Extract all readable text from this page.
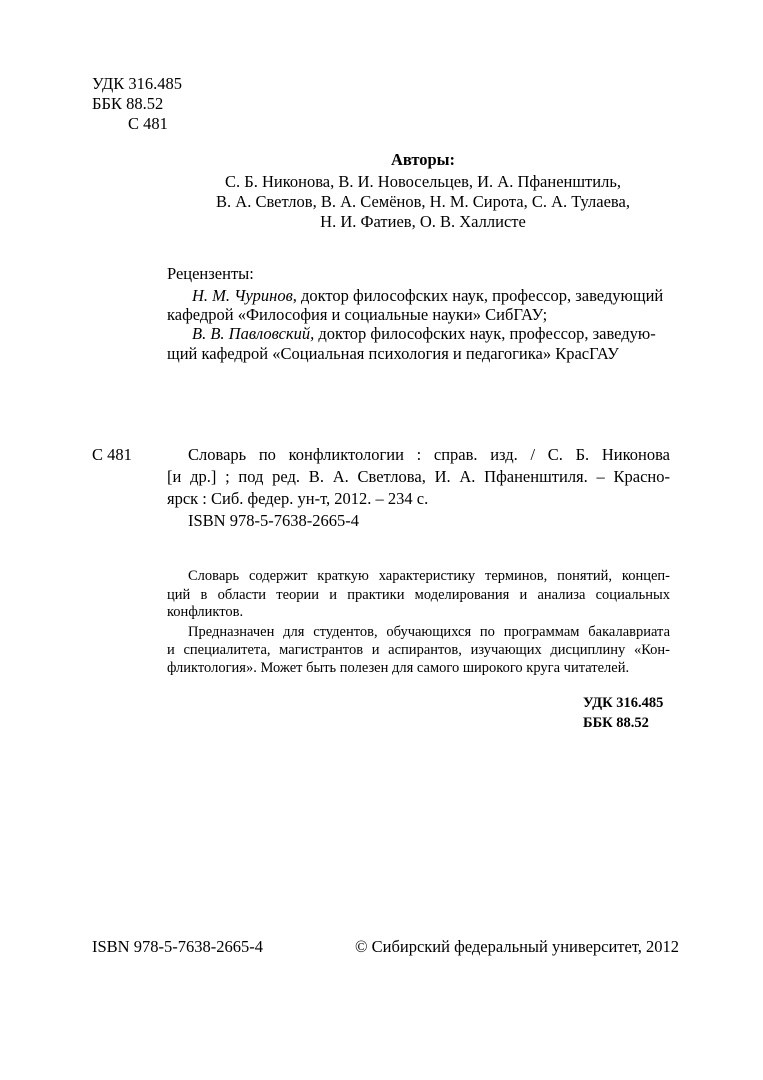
УДК 316.485

ББК 88.52

С 481

Авторы:

С. Б. Никонова, В. И. Новосельцев, И. А. Пфаненштиль,

В. А. Светлов, В. А. Семёнов, Н. М. Сирота, С. А. Тулаева,

Н. И. Фатиев, О. В. Халлисте

Рецензенты:

Н. М. Чуринов, доктор философских наук, профессор, заведующий

кафедрой «Философия и социальные науки» СибГАУ;

В. В. Павловский, доктор философских наук, профессор, заведую-

щий кафедрой «Социальная психология и педагогика» КрасГАУ

С 481	Словарь по конфликтологии : справ. изд. / С. Б. Никонова

[и др.] ; под ред. В. А. Светлова, И. А. Пфаненштиля. – Красно-

ярск : Сиб. федер. ун-т, 2012. – 234 с.

ISBN 978-5-7638-2665-4

Словарь содержит краткую характеристику терминов, понятий, концеп-

ций в области теории и практики моделирования и анализа социальных

конфликтов.

Предназначен для студентов, обучающихся по программам бакалавриата

и специалитета, магистрантов и аспирантов, изучающих дисциплину «Кон-

фликтология». Может быть полезен для самого широкого круга читателей.

УДК 316.485

ББК 88.52

ISBN 978-5-7638-2665-4	© Сибирский федеральный университет, 2012
